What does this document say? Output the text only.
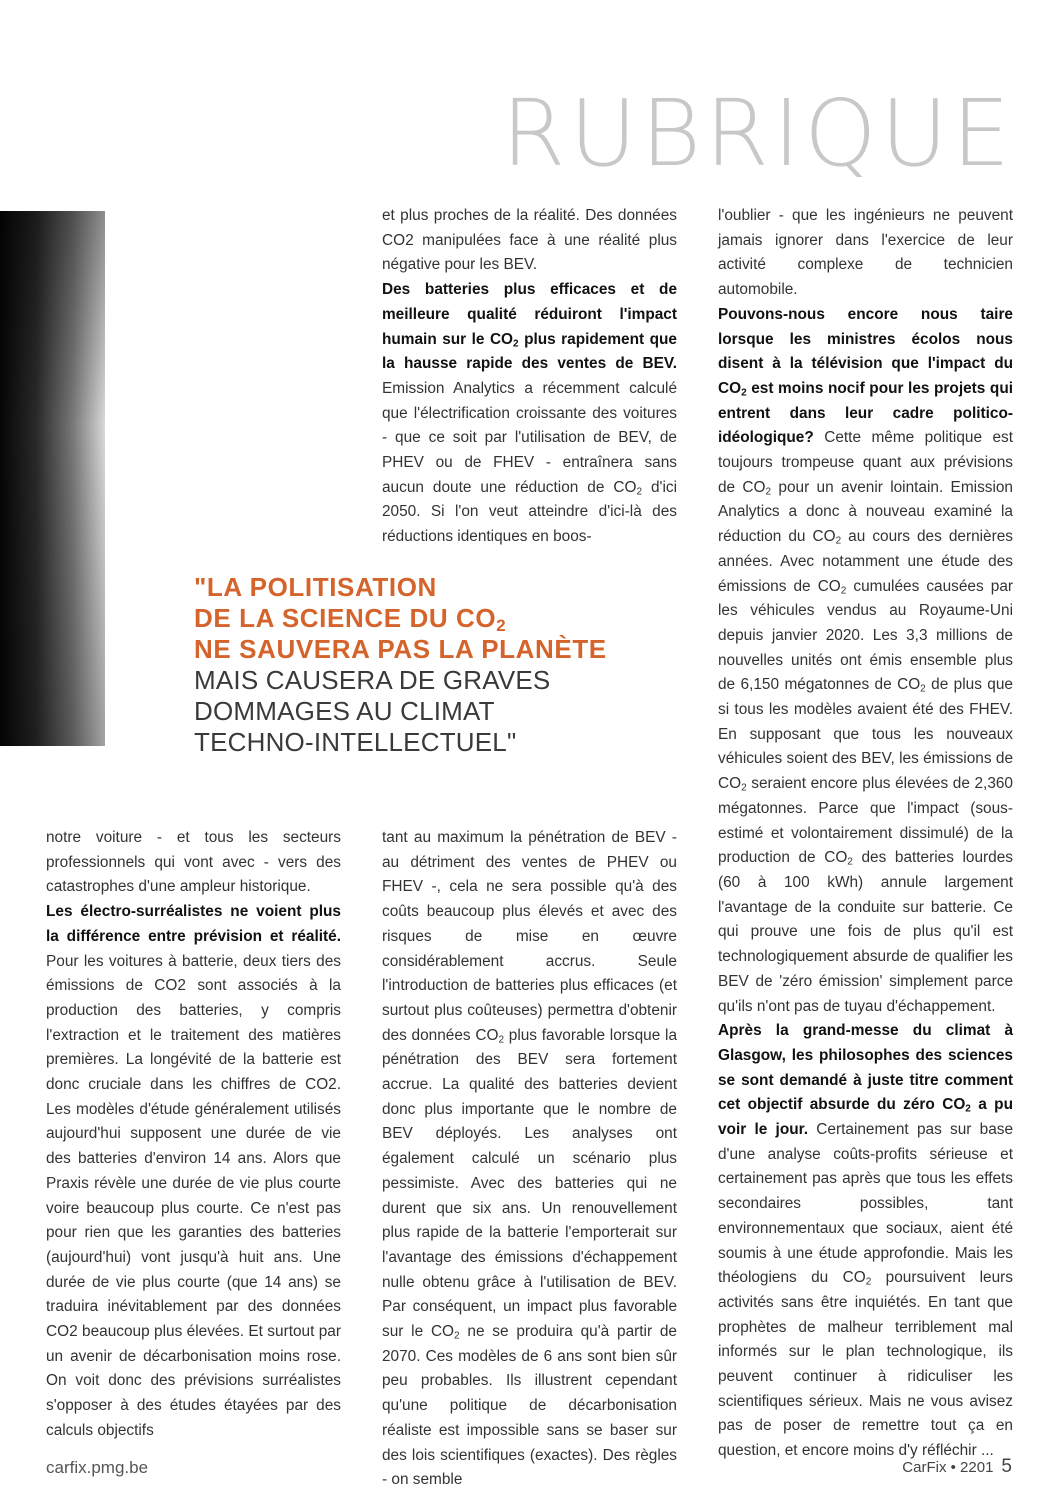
RUBRIQUE

et plus proches de la réalité. Des données CO2 manipulées face à une réalité plus négative pour les BEV.

Des batteries plus efficaces et de meilleure qualité réduiront l'impact humain sur le $CO_2$ plus rapidement que la hausse rapide des ventes de BEV. Emission Analytics a récemment calculé que l'électrification croissante des voitures - que ce soit par l'utilisation de BEV, de PHEV ou de FHEV - entraînera sans aucun doute une réduction de $CO_2$ d'ici 2050. Si l'on veut atteindre d'ici-là des réductions identiques en boos-

l'oublier - que les ingénieurs ne peuvent jamais ignorer dans l'exercice de leur activité complexe de technicien automobile.

Pouvons-nous encore nous taire lorsque les ministres écolos nous disent à la télévision que l'impact du $CO_2$ est moins nocif pour les projets qui entrent dans leur cadre politico-idéologique? Cette même politique est toujours trompeuse quant aux prévisions de $CO_2$ pour un avenir lointain. Emission Analytics a donc à nouveau examiné la réduction du $CO_2$ au cours des dernières années. Avec notamment une étude des émissions de $CO_2$ cumulées causées par les véhicules vendus au Royaume-Uni depuis janvier 2020. Les 3,3 millions de nouvelles unités ont émis ensemble plus de 6,150 mégatonnes de $CO_2$ de plus que si tous les modèles avaient été des FHEV. En supposant que tous les nouveaux véhicules soient des BEV, les émissions de $CO_2$ seraient encore plus élevées de 2,360 mégatonnes. Parce que l'impact (sous-estimé et volontairement dissimulé) de la production de $CO_2$ des batteries lourdes (60 à 100 kWh) annule largement l'avantage de la conduite sur batterie. Ce qui prouve une fois de plus qu'il est technologiquement absurde de qualifier les BEV de 'zéro émission' simplement parce qu'ils n'ont pas de tuyau d'échappement.

Après la grand-messe du climat à Glasgow, les philosophes des sciences se sont demandé à juste titre comment cet objectif absurde du zéro $CO_2$ a pu voir le jour. Certainement pas sur base d'une analyse coûts-profits sérieuse et certainement pas après que tous les effets secondaires possibles, tant environnementaux que sociaux, aient été soumis à une étude approfondie. Mais les théologiens du $CO_2$ poursuivent leurs activités sans être inquiétés. En tant que prophètes de malheur terriblement mal informés sur le plan technologique, ils peuvent continuer à ridiculiser les scientifiques sérieux. Mais ne vous avisez pas de poser de remettre tout ça en question, et encore moins d'y réfléchir ...

"LA POLITISATION
DE LA SCIENCE DU $CO_2$
NE SAUVERA PAS LA PLANÈTE
MAIS CAUSERA DE GRAVES
DOMMAGES AU CLIMAT
TECHNO-INTELLECTUEL"

notre voiture - et tous les secteurs professionnels qui vont avec - vers des catastrophes d'une ampleur historique.

Les électro-surréalistes ne voient plus la différence entre prévision et réalité. Pour les voitures à batterie, deux tiers des émissions de CO2 sont associés à la production des batteries, y compris l'extraction et le traitement des matières premières. La longévité de la batterie est donc cruciale dans les chiffres de CO2. Les modèles d'étude généralement utilisés aujourd'hui supposent une durée de vie des batteries d'environ 14 ans. Alors que Praxis révèle une durée de vie plus courte voire beaucoup plus courte. Ce n'est pas pour rien que les garanties des batteries (aujourd'hui) vont jusqu'à huit ans. Une durée de vie plus courte (que 14 ans) se traduira inévitablement par des données CO2 beaucoup plus élevées. Et surtout par un avenir de décarbonisation moins rose. On voit donc des prévisions surréalistes s'opposer à des études étayées par des calculs objectifs

tant au maximum la pénétration de BEV - au détriment des ventes de PHEV ou FHEV -, cela ne sera possible qu'à des coûts beaucoup plus élevés et avec des risques de mise en œuvre considérablement accrus. Seule l'introduction de batteries plus efficaces (et surtout plus coûteuses) permettra d'obtenir des données $CO_2$ plus favorable lorsque la pénétration des BEV sera fortement accrue. La qualité des batteries devient donc plus importante que le nombre de BEV déployés. Les analyses ont également calculé un scénario plus pessimiste. Avec des batteries qui ne durent que six ans. Un renouvellement plus rapide de la batterie l'emporterait sur l'avantage des émissions d'échappement nulle obtenu grâce à l'utilisation de BEV. Par conséquent, un impact plus favorable sur le $CO_2$ ne se produira qu'à partir de 2070. Ces modèles de 6 ans sont bien sûr peu probables. Ils illustrent cependant qu'une politique de décarbonisation réaliste est impossible sans se baser sur des lois scientifiques (exactes). Des règles - on semble

carfix.pmg.be	CarFix • 2201 5
